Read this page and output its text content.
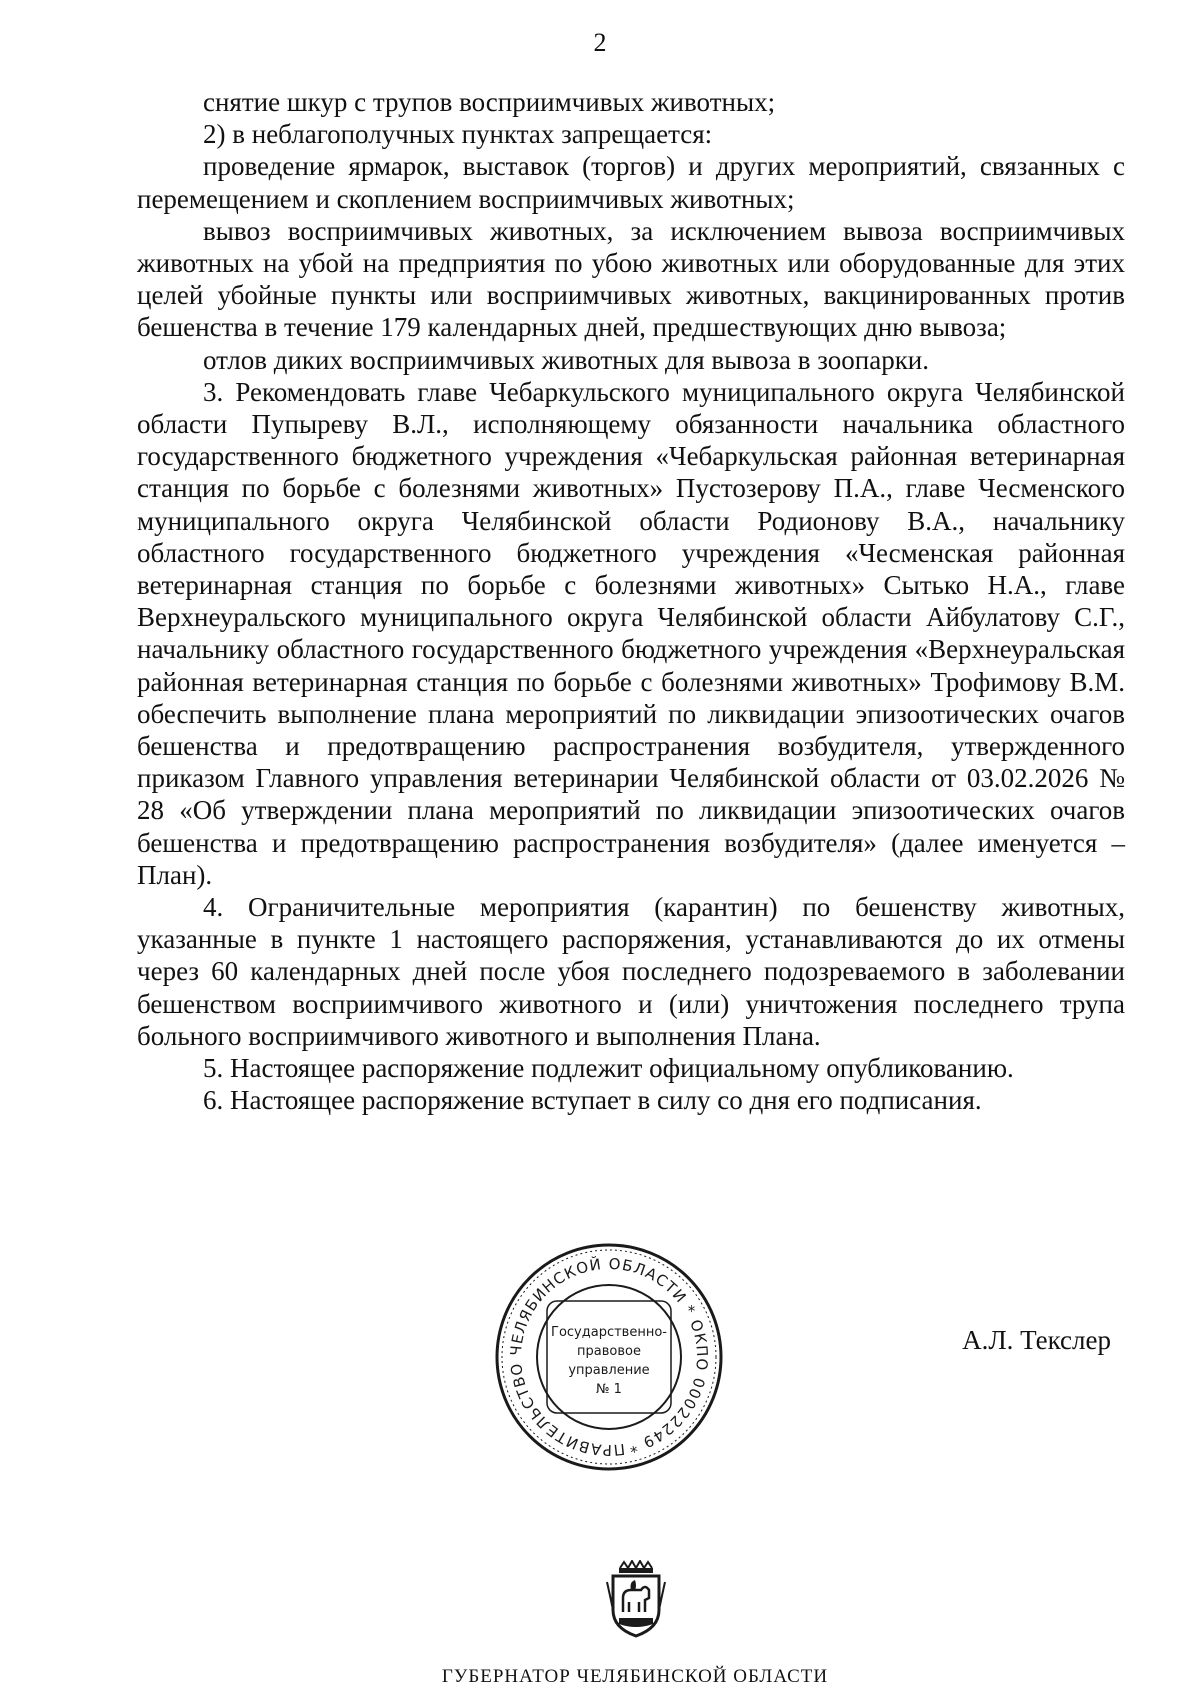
2

снятие шкур с трупов восприимчивых животных;

2) в неблагополучных пунктах запрещается:

проведение ярмарок, выставок (торгов) и других мероприятий, связанных с перемещением и скоплением восприимчивых животных;

вывоз восприимчивых животных, за исключением вывоза восприимчивых животных на убой на предприятия по убою животных или оборудованные для этих целей убойные пункты или восприимчивых животных, вакцинированных против бешенства в течение 179 календарных дней, предшествующих дню вывоза;

отлов диких восприимчивых животных для вывоза в зоопарки.

3. Рекомендовать главе Чебаркульского муниципального округа Челябинской области Пупыреву В.Л., исполняющему обязанности начальника областного государственного бюджетного учреждения «Чебаркульская районная ветеринарная станция по борьбе с болезнями животных» Пустозерову П.А., главе Чесменского муниципального округа Челябинской области Родионову В.А., начальнику областного государственного бюджетного учреждения «Чесменская районная ветеринарная станция по борьбе с болезнями животных» Сытько Н.А., главе Верхнеуральского муниципального округа Челябинской области Айбулатову С.Г., начальнику областного государственного бюджетного учреждения «Верхнеуральская районная ветеринарная станция по борьбе с болезнями животных» Трофимову В.М. обеспечить выполнение плана мероприятий по ликвидации эпизоотических очагов бешенства и предотвращению распространения возбудителя, утвержденного приказом Главного управления ветеринарии Челябинской области от 03.02.2026 № 28 «Об утверждении плана мероприятий по ликвидации эпизоотических очагов бешенства и предотвращению распространения возбудителя» (далее именуется – План).

4. Ограничительные мероприятия (карантин) по бешенству животных, указанные в пункте 1 настоящего распоряжения, устанавливаются до их отмены через 60 календарных дней после убоя последнего подозреваемого в заболевании бешенством восприимчивого животного и (или) уничтожения последнего трупа больного восприимчивого животного и выполнения Плана.

5. Настоящее распоряжение подлежит официальному опубликованию.

6. Настоящее распоряжение вступает в силу со дня его подписания.

ПРАВИТЕЛЬСТВО ЧЕЛЯБИНСКОЙ ОБЛАСТИ * ОКПО 00022249 *
Государственно-
правовое
управление
№ 1
А.Л. Текслер
ГУБЕРНАТОР ЧЕЛЯБИНСКОЙ ОБЛАСТИ
